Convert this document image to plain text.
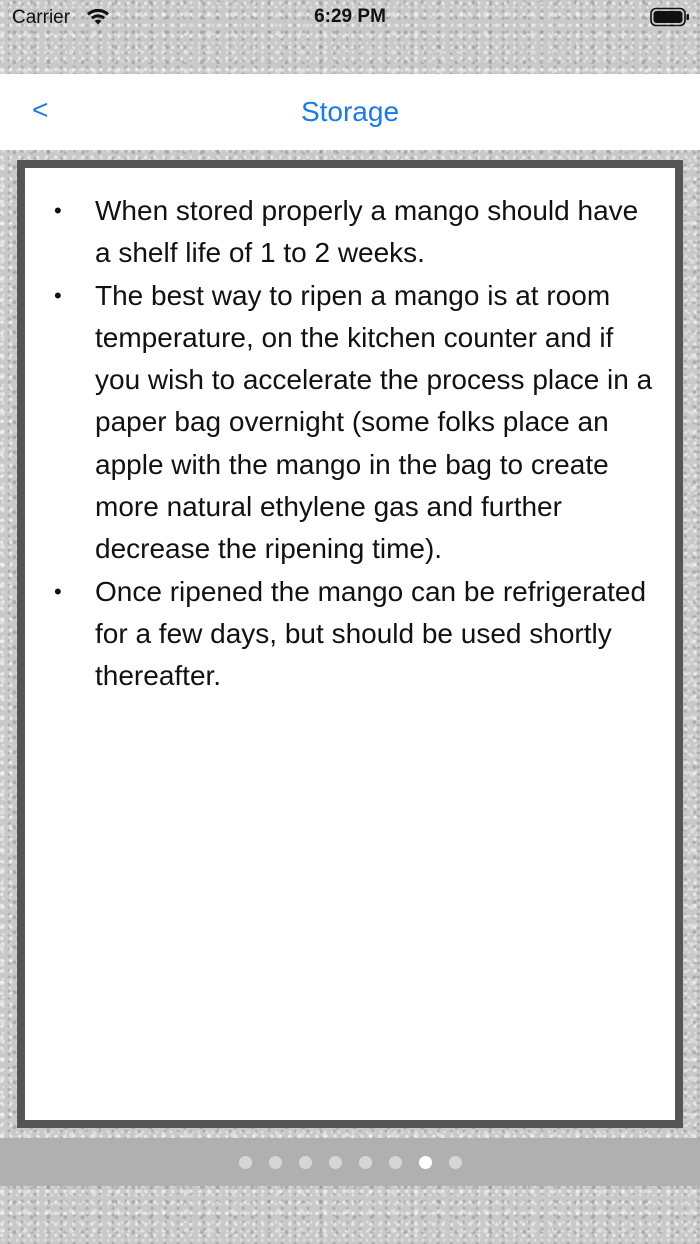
Carrier	6:29 PM
<	Storage
• When stored properly a mango should have a shelf life of 1 to 2 weeks.
• The best way to ripen a mango is at room temperature, on the kitchen counter and if you wish to accelerate the process place in a paper bag overnight (some folks place an apple with the mango in the bag to create more natural ethylene gas and further decrease the ripening time).
• Once ripened the mango can be refrigerated for a few days, but should be used shortly thereafter.
